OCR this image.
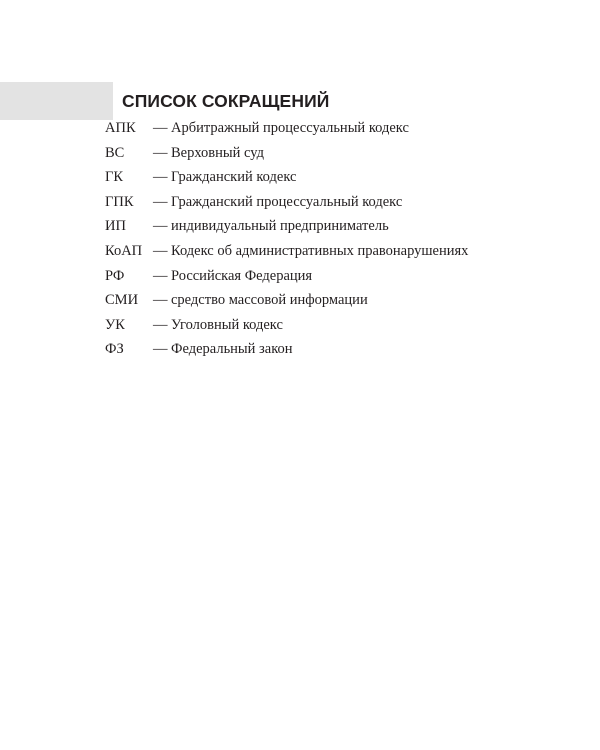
СПИСОК СОКРАЩЕНИЙ
АПК	— Арбитражный процессуальный кодекс
ВС	— Верховный суд
ГК	— Гражданский кодекс
ГПК	— Гражданский процессуальный кодекс
ИП	— индивидуальный предприниматель
КоАП — Кодекс об административных правонарушениях
РФ	— Российская Федерация
СМИ	— средство массовой информации
УК	— Уголовный кодекс
ФЗ	— Федеральный закон
